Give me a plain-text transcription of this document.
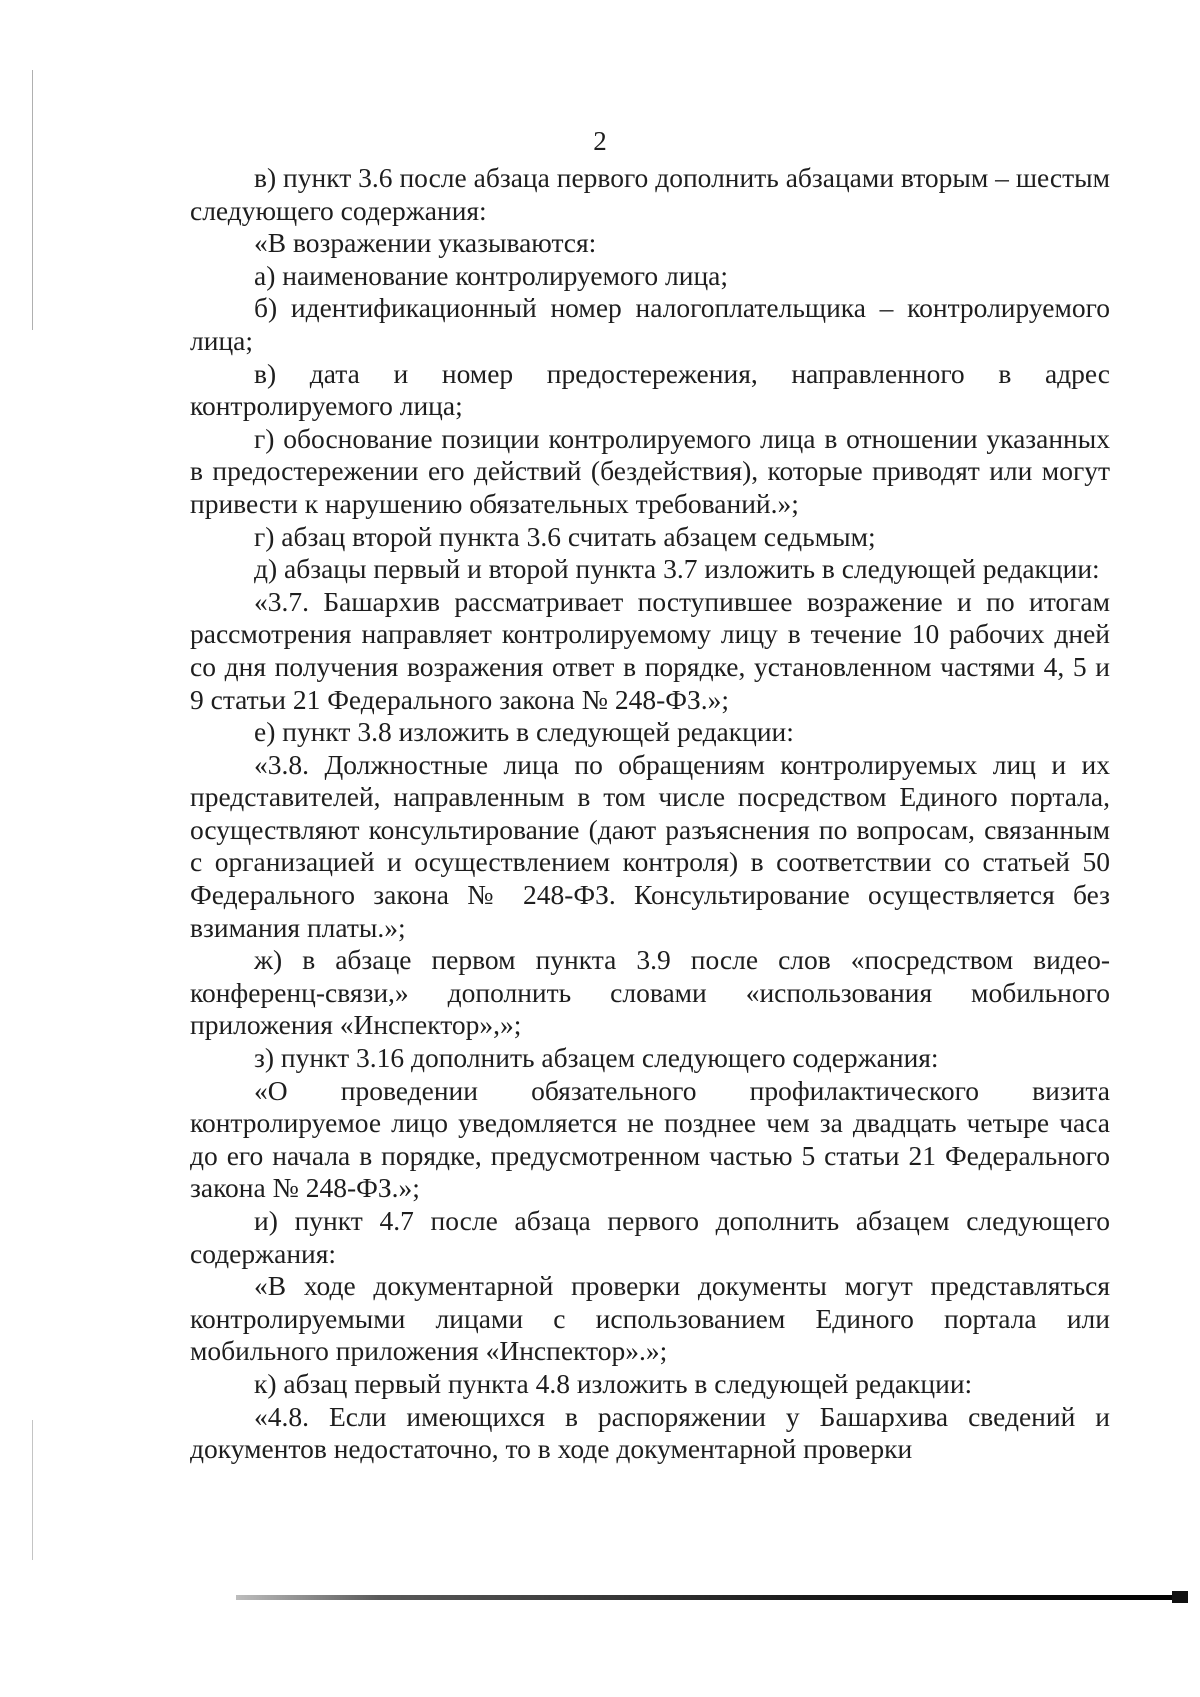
2

в) пункт 3.6 после абзаца первого дополнить абзацами вторым – шестым следующего содержания:

«В возражении указываются:

а) наименование контролируемого лица;

б) идентификационный номер налогоплательщика – контролируемого лица;

в) дата и номер предостережения, направленного в адрес контролируемого лица;

г) обоснование позиции контролируемого лица в отношении указанных в предостережении его действий (бездействия), которые приводят или могут привести к нарушению обязательных требований.»;

г) абзац второй пункта 3.6 считать абзацем седьмым;

д) абзацы первый и второй пункта 3.7 изложить в следующей редакции:

«3.7. Башархив рассматривает поступившее возражение и по итогам рассмотрения направляет контролируемому лицу в течение 10 рабочих дней со дня получения возражения ответ в порядке, установленном частями 4, 5 и 9 статьи 21 Федерального закона № 248-ФЗ.»;

е) пункт 3.8 изложить в следующей редакции:

«3.8. Должностные лица по обращениям контролируемых лиц и их представителей, направленным в том числе посредством Единого портала, осуществляют консультирование (дают разъяснения по вопросам, связанным с организацией и осуществлением контроля) в соответствии со статьей 50 Федерального закона № 248-ФЗ. Консультирование осуществляется без взимания платы.»;

ж) в абзаце первом пункта 3.9 после слов «посредством видео-конференц-связи,» дополнить словами «использования мобильного приложения «Инспектор»,»;

з) пункт 3.16 дополнить абзацем следующего содержания:

«О проведении обязательного профилактического визита контролируемое лицо уведомляется не позднее чем за двадцать четыре часа до его начала в порядке, предусмотренном частью 5 статьи 21 Федерального закона № 248-ФЗ.»;

и) пункт 4.7 после абзаца первого дополнить абзацем следующего содержания:

«В ходе документарной проверки документы могут представляться контролируемыми лицами с использованием Единого портала или мобильного приложения «Инспектор».»;

к) абзац первый пункта 4.8 изложить в следующей редакции:

«4.8. Если имеющихся в распоряжении у Башархива сведений и документов недостаточно, то в ходе документарной проверки
